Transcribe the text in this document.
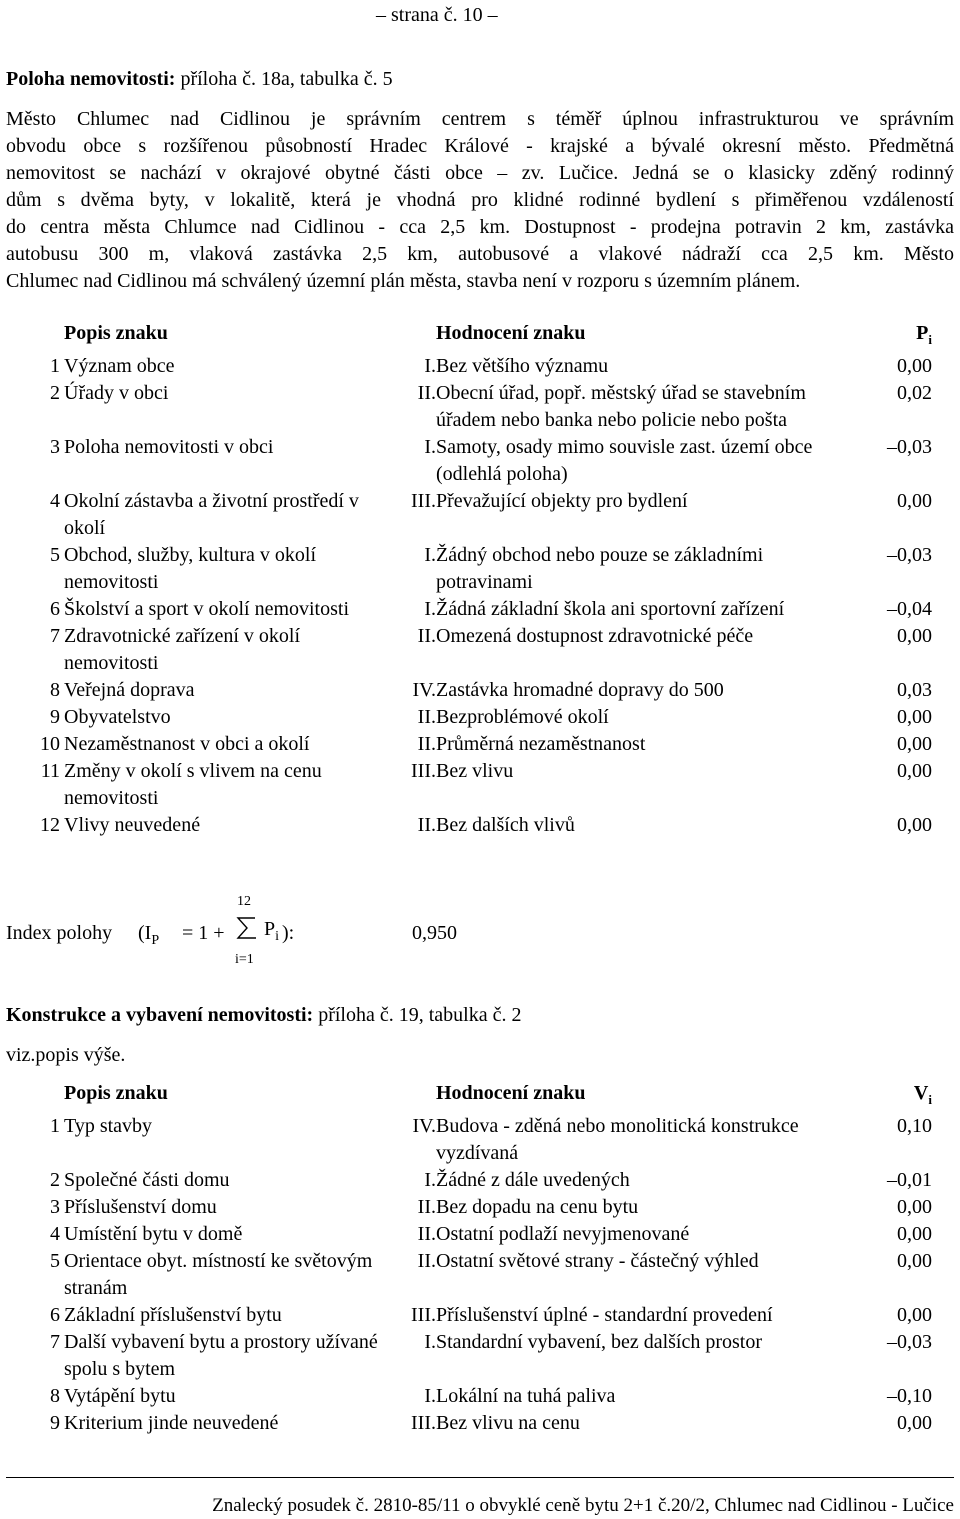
– strana č. 10 –
Poloha nemovitosti: příloha č. 18a, tabulka č. 5
Město Chlumec nad Cidlinou je správním centrem s téměř úplnou infrastrukturou ve správním
obvodu obce s rozšířenou působností Hradec Králové - krajské a bývalé okresní město. Předmětná
nemovitost se nachází v okrajové obytné části obce – zv. Lučice. Jedná se o klasicky zděný rodinný
dům s dvěma byty, v lokalitě, která je vhodná pro klidné rodinné bydlení s přiměřenou vzdáleností
do centra města Chlumce nad Cidlinou - cca 2,5 km. Dostupnost - prodejna potravin 2 km, zastávka
autobusu 300 m, vlaková zastávka 2,5 km, autobusové a vlakové nádraží cca 2,5 km. Město
Chlumec nad Cidlinou má schválený územní plán města, stavba není v rozporu s územním plánem.
	Popis znaku		Hodnocení znaku	$P_i$
1	Význam obce	I.	Bez většího významu	0,00
2	Úřady v obci	II.	Obecní úřad, popř. městský úřad se stavebním úřadem nebo banka nebo policie nebo pošta	0,02
3	Poloha nemovitosti v obci	I.	Samoty, osady mimo souvisle zast. území obce (odlehlá poloha)	–0,03
4	Okolní zástavba a životní prostředí v okolí	III.	Převažující objekty pro bydlení	0,00
5	Obchod, služby, kultura v okolí nemovitosti	I.	Žádný obchod nebo pouze se základními potravinami	–0,03
6	Školství a sport v okolí nemovitosti	I.	Žádná základní škola ani sportovní zařízení	–0,04
7	Zdravotnické zařízení v okolí nemovitosti	II.	Omezená dostupnost zdravotnické péče	0,00
8	Veřejná doprava	IV.	Zastávka hromadné dopravy do 500	0,03
9	Obyvatelstvo	II.	Bezproblémové okolí	0,00
10	Nezaměstnanost v obci a okolí	II.	Průměrná nezaměstnanost	0,00
11	Změny v okolí s vlivem na cenu nemovitosti	III.	Bez vlivu	0,00
12	Vlivy neuvedené	II.	Bez dalších vlivů	0,00
Index polohy ($I_P = 1$ +
12
i=1
$P_i$ ):	0,950
Konstrukce a vybavení nemovitosti: příloha č. 19, tabulka č. 2
viz.popis výše.
	Popis znaku		Hodnocení znaku	$V_i$
1	Typ stavby	IV.	Budova - zděná nebo monolitická konstrukce vyzdívaná	0,10
2	Společné části domu	I.	Žádné z dále uvedených	–0,01
3	Příslušenství domu	II.	Bez dopadu na cenu bytu	0,00
4	Umístění bytu v domě	II.	Ostatní podlaží nevyjmenované	0,00
5	Orientace obyt. místností ke světovým stranám	II.	Ostatní světové strany - částečný výhled	0,00
6	Základní příslušenství bytu	III.	Příslušenství úplné - standardní provedení	0,00
7	Další vybavení bytu a prostory užívané spolu s bytem	I.	Standardní vybavení, bez dalších prostor	–0,03
8	Vytápění bytu	I.	Lokální na tuhá paliva	–0,10
9	Kriterium jinde neuvedené	III.	Bez vlivu na cenu	0,00
Znalecký posudek č. 2810-85/11 o obvyklé ceně bytu 2+1 č.20/2, Chlumec nad Cidlinou - Lučice
